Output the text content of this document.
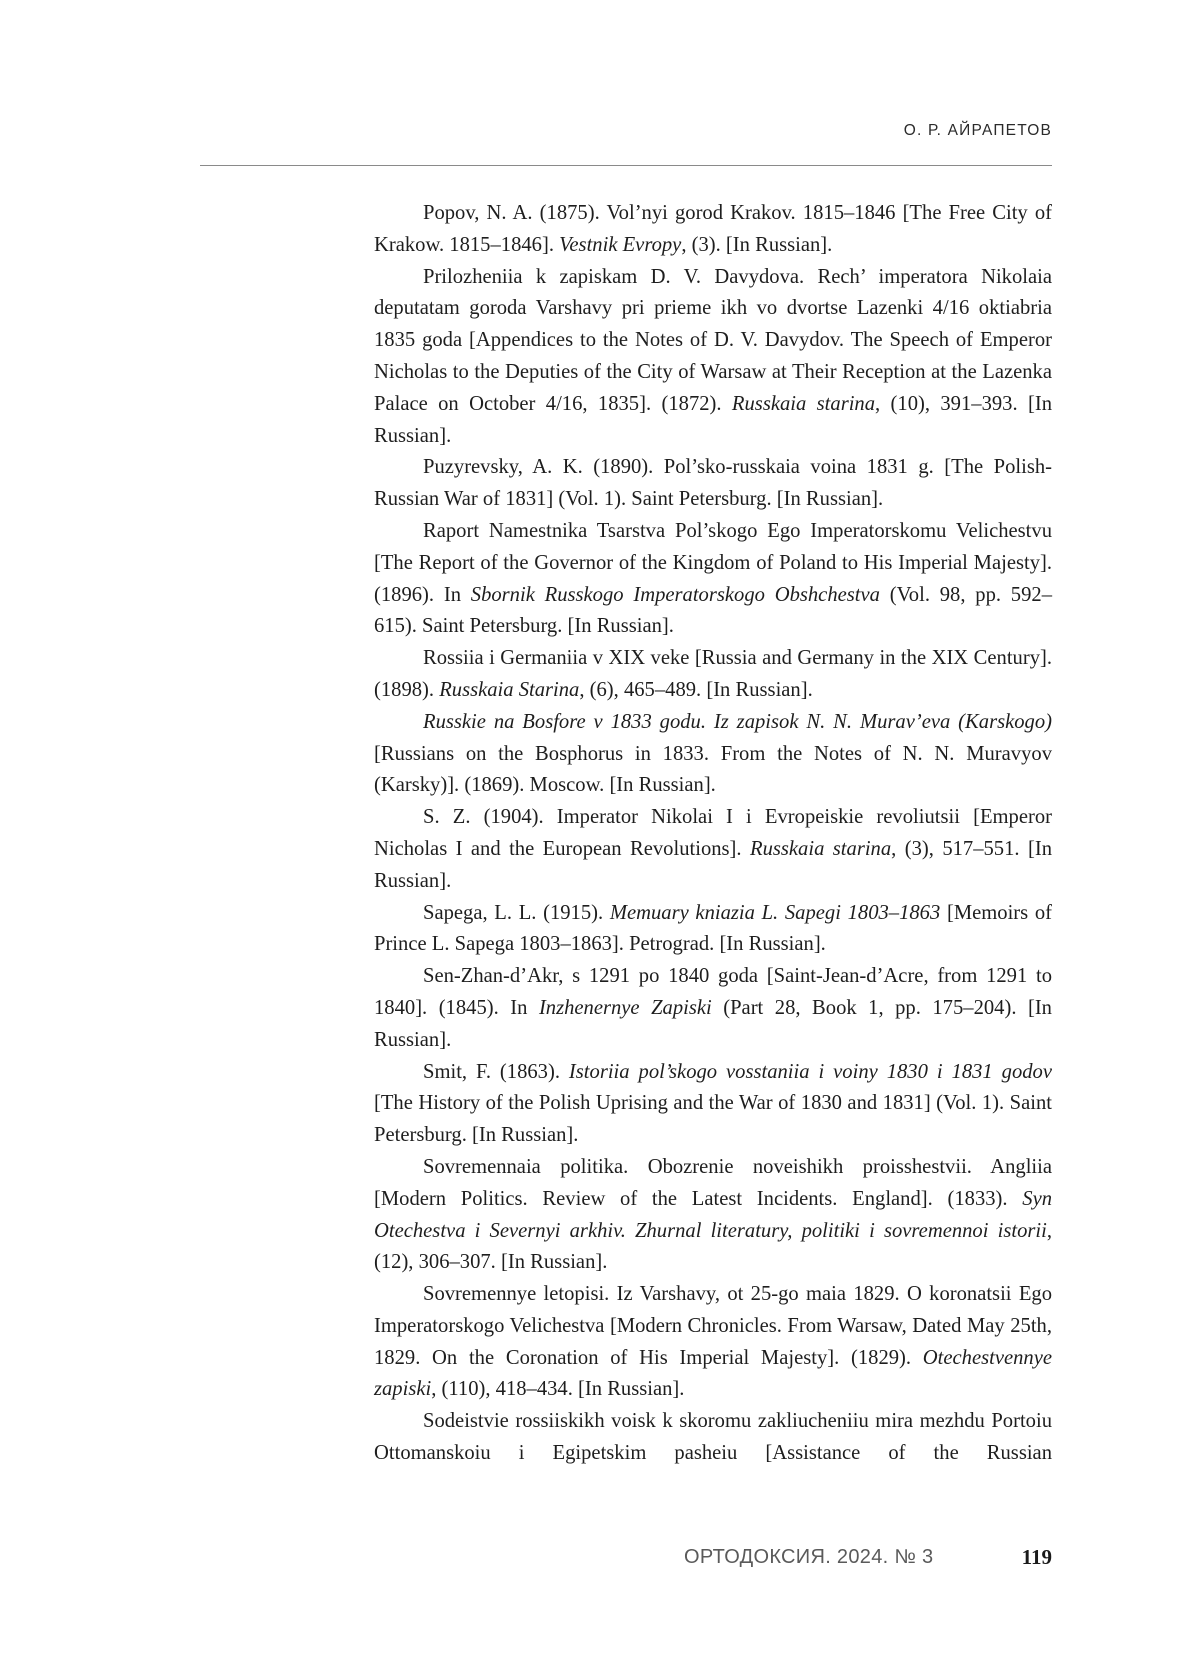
О. Р. АЙРАПЕТОВ

Popov, N. A. (1875). Vol’nyi gorod Krakov. 1815–1846 [The Free City of Krakow. 1815–1846]. Vestnik Evropy, (3). [In Russian].

Prilozheniia k zapiskam D. V. Davydova. Rech’ imperatora Nikolaia deputatam goroda Varshavy pri prieme ikh vo dvortse Lazenki 4/16 oktiabria 1835 goda [Appendices to the Notes of D. V. Davydov. The Speech of Emperor Nicholas to the Deputies of the City of Warsaw at Their Reception at the Lazenka Palace on October 4/16, 1835]. (1872). Russkaia starina, (10), 391–393. [In Russian].

Puzyrevsky, A. K. (1890). Pol’sko-russkaia voina 1831 g. [The Polish-Russian War of 1831] (Vol. 1). Saint Petersburg. [In Russian].

Raport Namestnika Tsarstva Pol’skogo Ego Imperatorskomu Velichestvu [The Report of the Governor of the Kingdom of Poland to His Imperial Majesty]. (1896). In Sbornik Russkogo Imperatorskogo Obshchestva (Vol. 98, pp. 592–615). Saint Petersburg. [In Russian].

Rossiia i Germaniia v XIX veke [Russia and Germany in the XIX Century]. (1898). Russkaia Starina, (6), 465–489. [In Russian].

Russkie na Bosfore v 1833 godu. Iz zapisok N. N. Murav’eva (Karskogo) [Russians on the Bosphorus in 1833. From the Notes of N. N. Muravyov (Karsky)]. (1869). Moscow. [In Russian].

S. Z. (1904). Imperator Nikolai I i Evropeiskie revoliutsii [Emperor Nicholas I and the European Revolutions]. Russkaia starina, (3), 517–551. [In Russian].

Sapega, L. L. (1915). Memuary kniazia L. Sapegi 1803–1863 [Memoirs of Prince L. Sapega 1803–1863]. Petrograd. [In Russian].

Sen-Zhan-d’Akr, s 1291 po 1840 goda [Saint-Jean-d’Acre, from 1291 to 1840]. (1845). In Inzhenernye Zapiski (Part 28, Book 1, pp. 175–204). [In Russian].

Smit, F. (1863). Istoriia pol’skogo vosstaniia i voiny 1830 i 1831 godov [The History of the Polish Uprising and the War of 1830 and 1831] (Vol. 1). Saint Petersburg. [In Russian].

Sovremennaia politika. Obozrenie noveishikh proisshestvii. Angliia [Modern Politics. Review of the Latest Incidents. England]. (1833). Syn Otechestva i Severnyi arkhiv. Zhurnal literatury, politiki i sovremennoi istorii, (12), 306–307. [In Russian].

Sovremennye letopisi. Iz Varshavy, ot 25-go maia 1829. O koronatsii Ego Imperatorskogo Velichestva [Modern Chronicles. From Warsaw, Dated May 25th, 1829. On the Coronation of His Imperial Majesty]. (1829). Otechestvennye zapiski, (110), 418–434. [In Russian].

Sodeistvie rossiiskikh voisk k skoromu zakliucheniiu mira mezhdu Portoiu Ottomanskoiu i Egipetskim pasheiu [Assistance of the Russian

ОРТОДОКСИЯ. 2024. № 3	119
